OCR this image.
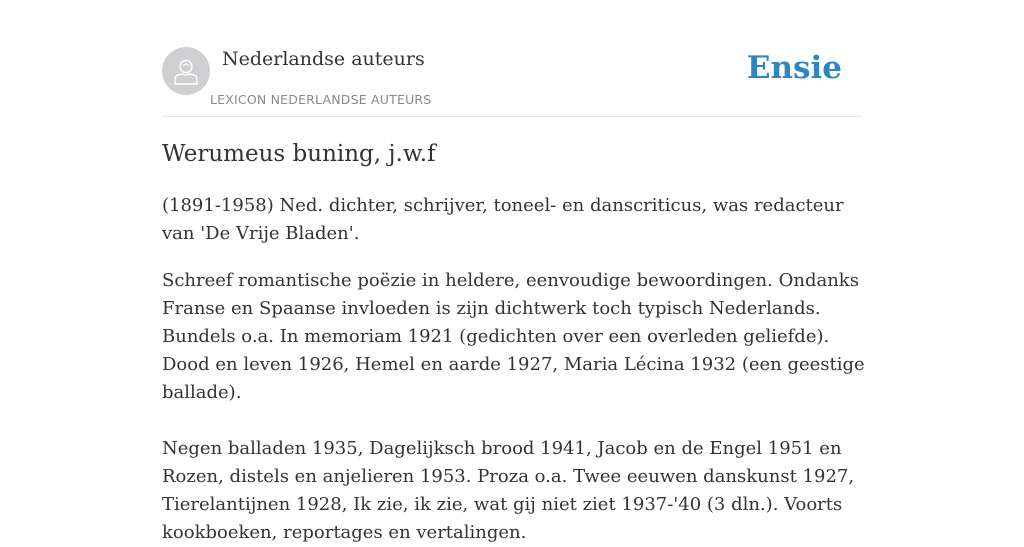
Nederlandse auteurs
LEXICON NEDERLANDSE AUTEURS
Ensie
Werumeus buning, j.w.f

(1891-1958) Ned. dichter, schrijver, toneel- en danscriticus, was redacteur van 'De Vrije Bladen'.

Schreef romantische poëzie in heldere, eenvoudige bewoordingen. Ondanks Franse en Spaanse invloeden is zijn dichtwerk toch typisch Nederlands. Bundels o.a. In memoriam 1921 (gedichten over een overleden geliefde). Dood en leven 1926, Hemel en aarde 1927, Maria Lécina 1932 (een geestige ballade).

Negen balladen 1935, Dagelijksch brood 1941, Jacob en de Engel 1951 en Rozen, distels en anjelieren 1953. Proza o.a. Twee eeuwen danskunst 1927, Tierelantijnen 1928, Ik zie, ik zie, wat gij niet ziet 1937-'40 (3 dln.). Voorts kookboeken, reportages en vertalingen.
